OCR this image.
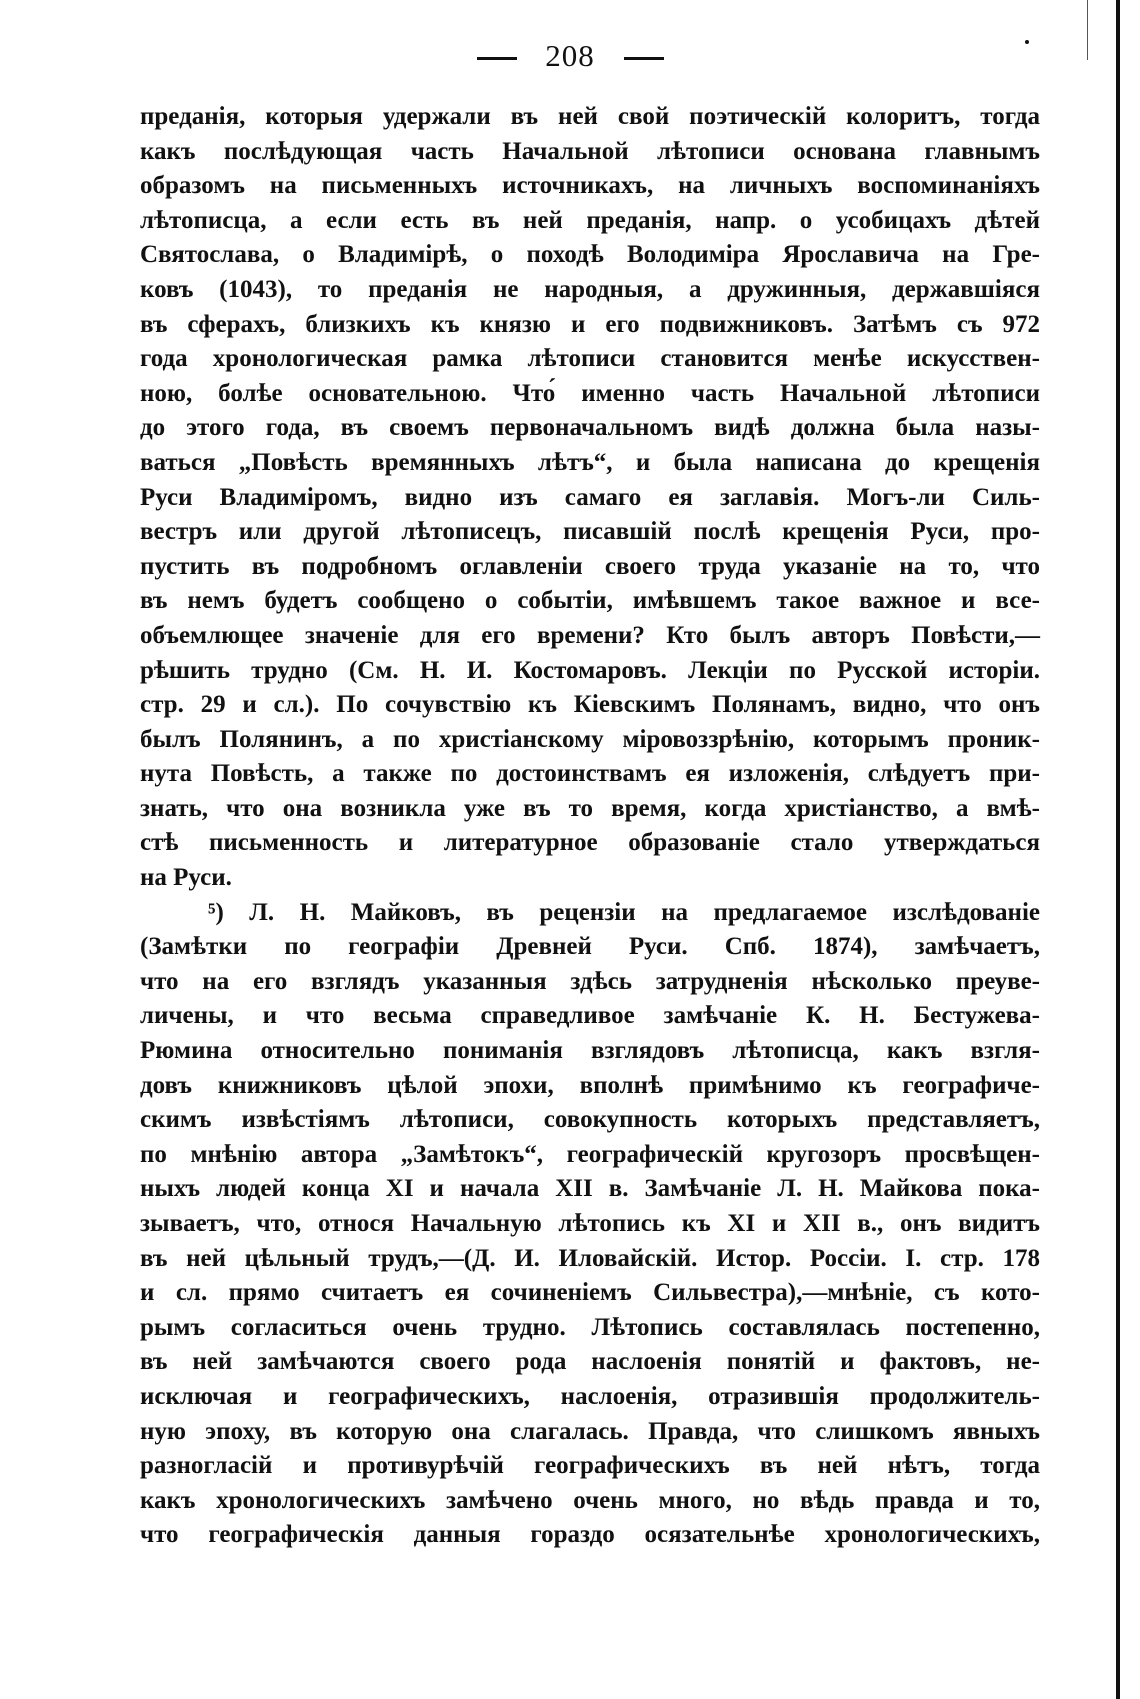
208
преданія, которыя удержали въ ней свой поэтическій колоритъ, тогда
какъ послѣдующая часть Начальной лѣтописи основана главнымъ
образомъ на письменныхъ источникахъ, на личныхъ воспоминаніяхъ
лѣтописца, а если есть въ ней преданія, напр. о усобицахъ дѣтей
Святослава, о Владимірѣ, о походѣ Володиміра Ярославича на Гре-
ковъ (1043), то преданія не народныя, а дружинныя, державшіяся
въ сферахъ, близкихъ къ князю и его подвижниковъ. Затѣмъ съ 972
года хронологическая рамка лѣтописи становится менѣе искусствен-
ною, болѣе основательною. Что́ именно часть Начальной лѣтописи
до этого года, въ своемъ первоначальномъ видѣ должна была назы-
ваться „Повѣсть времянныхъ лѣтъ“, и была написана до крещенія
Руси Владиміромъ, видно изъ самаго ея заглавія. Могъ-ли Силь-
вестръ или другой лѣтописецъ, писавшій послѣ крещенія Руси, про-
пустить въ подробномъ оглавленіи своего труда указаніе на то, что
въ немъ будетъ сообщено о событіи, имѣвшемъ такое важное и все-
объемлющее значеніе для его времени? Кто былъ авторъ Повѣсти,—
рѣшить трудно (См. Н. И. Костомаровъ. Лекціи по Русской исторіи.
стр. 29 и сл.). По сочувствію къ Кіевскимъ Полянамъ, видно, что онъ
былъ Полянинъ, а по христіанскому міровоззрѣнію, которымъ проник-
нута Повѣсть, а также по достоинствамъ ея изложенія, слѣдуетъ при-
знать, что она возникла уже въ то время, когда христіанство, а вмѣ-
стѣ письменность и литературное образованіе стало утверждаться
на Руси.
⁵) Л. Н. Майковъ, въ рецензіи на предлагаемое изслѣдованіе
(Замѣтки по географіи Древней Руси. Спб. 1874), замѣчаетъ,
что на его взглядъ указанныя здѣсь затрудненія нѣсколько преуве-
личены, и что весьма справедливое замѣчаніе К. Н. Бестужева-
Рюмина относительно пониманія взглядовъ лѣтописца, какъ взгля-
довъ книжниковъ цѣлой эпохи, вполнѣ примѣнимо къ географиче-
скимъ извѣстіямъ лѣтописи, совокупность которыхъ представляетъ,
по мнѣнію автора „Замѣтокъ“, географическій кругозоръ просвѣщен-
ныхъ людей конца XI и начала XII в. Замѣчаніе Л. Н. Майкова пока-
зываетъ, что, относя Начальную лѣтопись къ XI и XII в., онъ видитъ
въ ней цѣльный трудъ,—(Д. И. Иловайскій. Истор. Россіи. I. стр. 178
и сл. прямо считаетъ ея сочиненіемъ Сильвестра),—мнѣніе, съ кото-
рымъ согласиться очень трудно. Лѣтопись составлялась постепенно,
въ ней замѣчаются своего рода наслоенія понятій и фактовъ, не-
исключая и географическихъ, наслоенія, отразившія продолжитель-
ную эпоху, въ которую она слагалась. Правда, что слишкомъ явныхъ
разногласій и противурѣчій географическихъ въ ней нѣтъ, тогда
какъ хронологическихъ замѣчено очень много, но вѣдь правда и то,
что географическія данныя гораздо осязательнѣе хронологическихъ,
